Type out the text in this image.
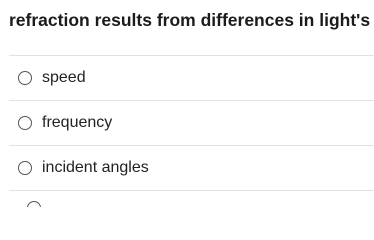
refraction results from differences in light's
speed
frequency
incident angles
